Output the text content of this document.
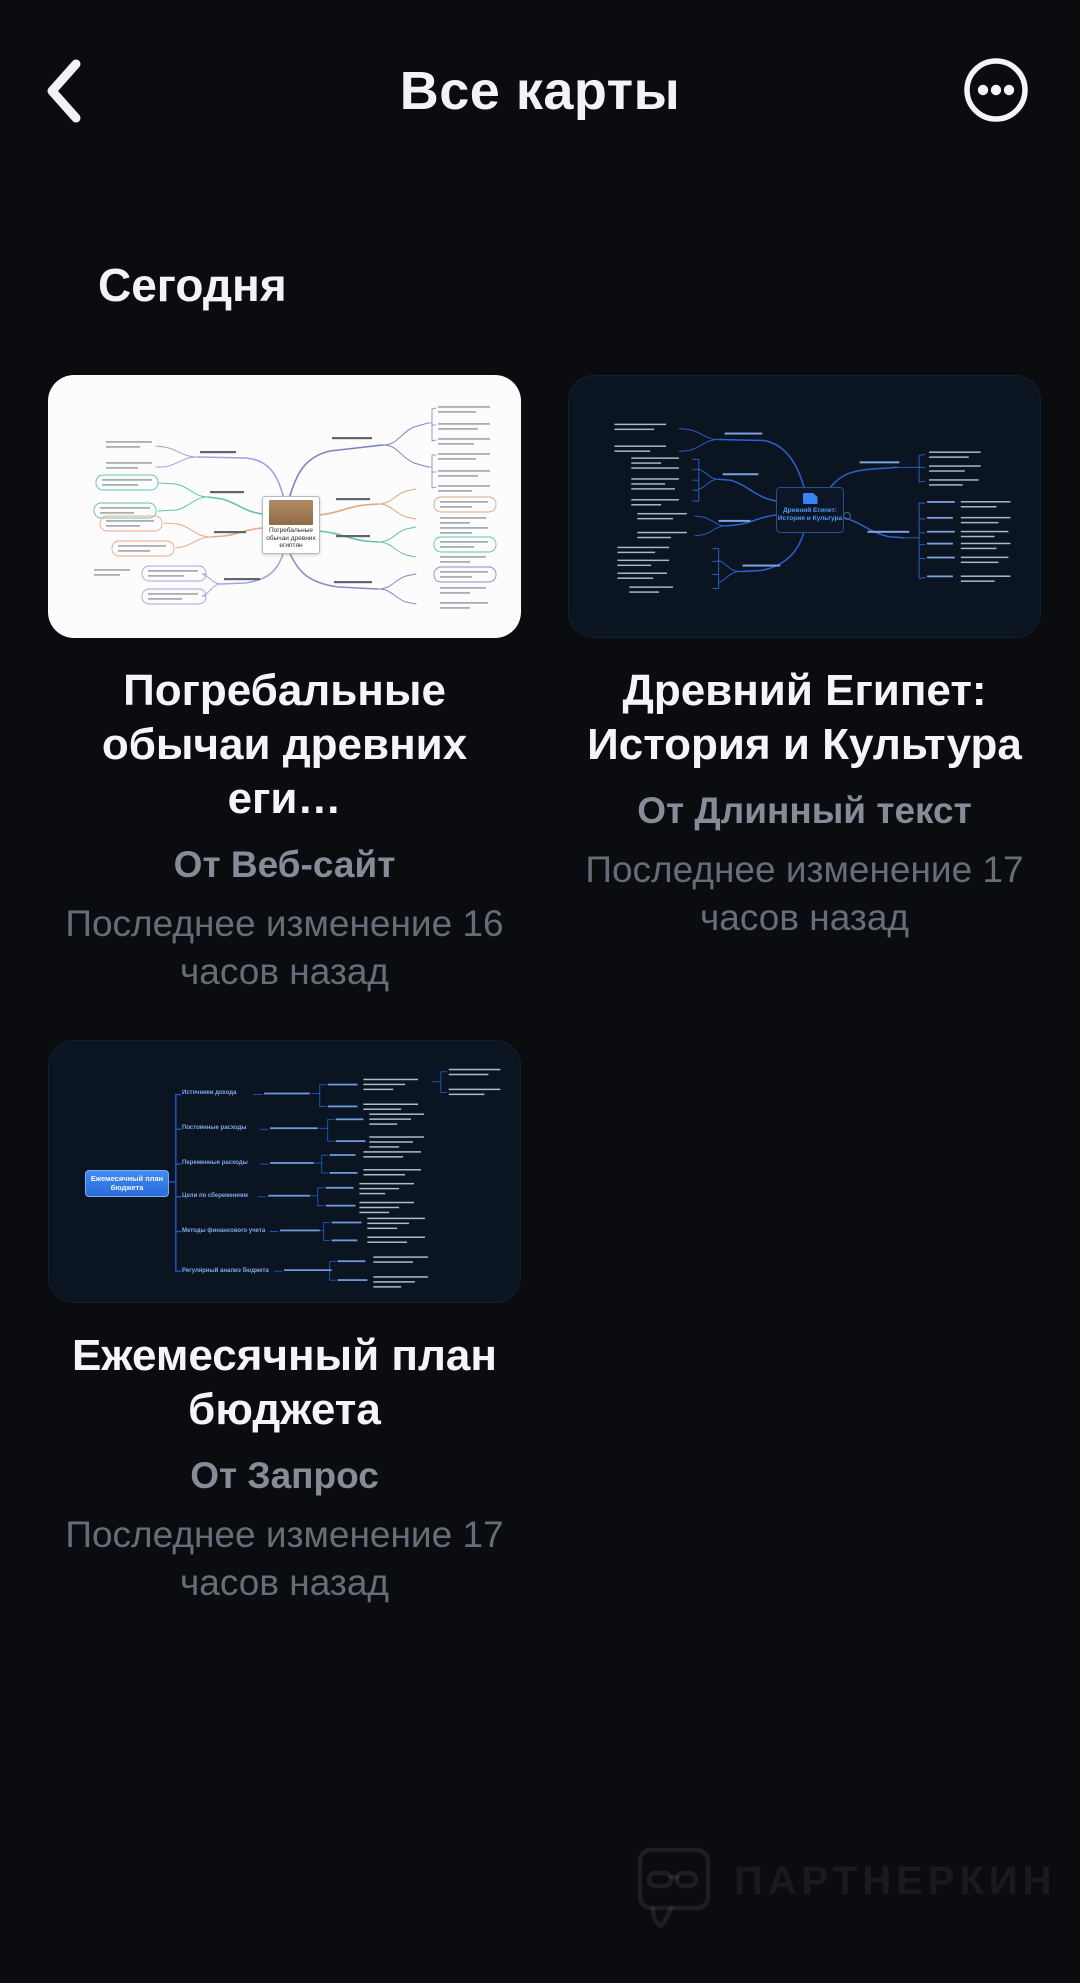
Все карты
Сегодня
Погребальные
обычаи древних
египтян
Погребальные
обычаи древних еги…
От Веб-сайт
Последнее изменение 16
часов назад
Древний Египет:
История и Культура
Древний Египет:
История и Культура
От Длинный текст
Последнее изменение 17
часов назад
Ежемесячный план
бюджета
Источники дохода
Постоянные расходы
Переменные расходы
Цели по сбережениям
Методы финансового учета
Регулярный анализ бюджета
Ежемесячный план
бюджета
От Запрос
Последнее изменение 17
часов назад
ПАРТНЕРКИН
